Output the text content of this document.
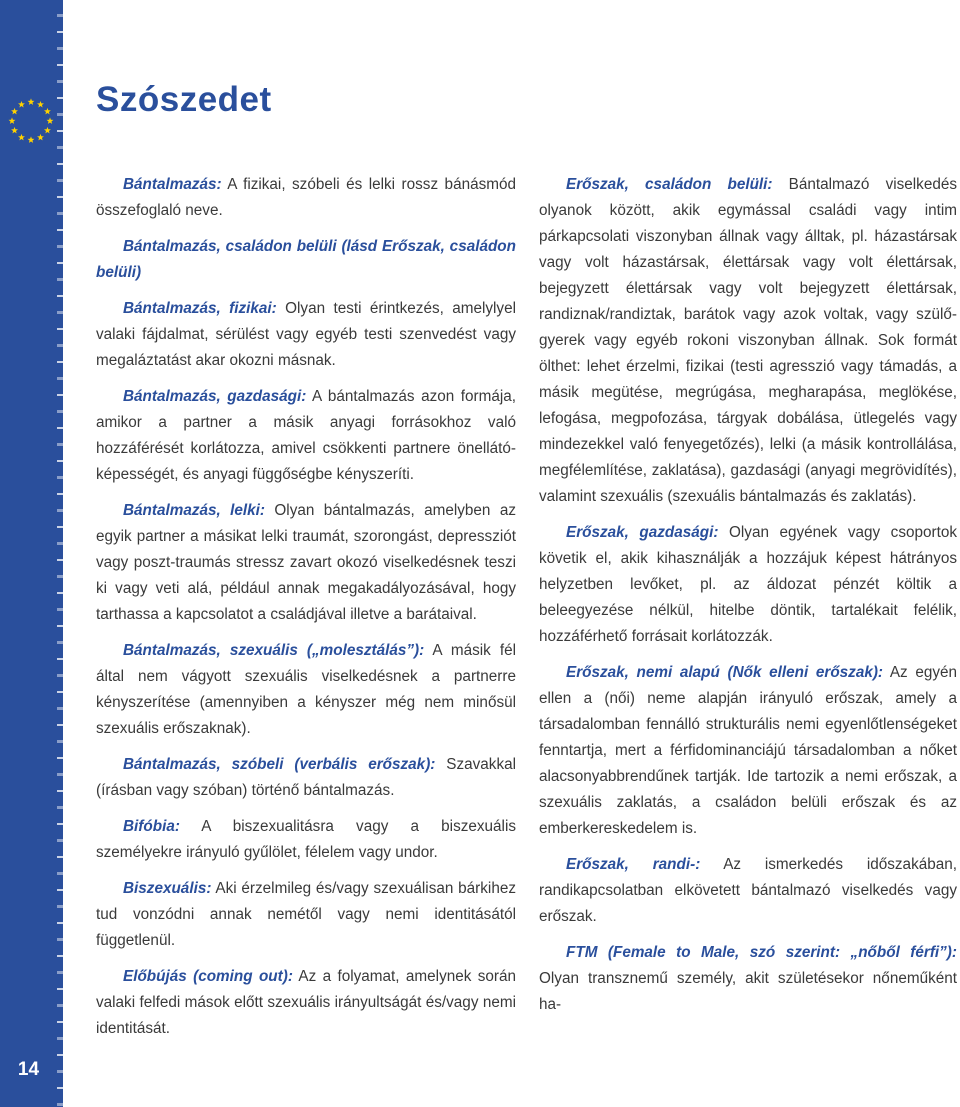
14
Szószedet

Bántalmazás: A fizikai, szóbeli és lelki rossz bánásmód összefoglaló neve.

Bántalmazás, családon belüli (lásd Erőszak, családon belüli)

Bántalmazás, fizikai: Olyan testi érintkezés, amelylyel valaki fájdalmat, sérülést vagy egyéb testi szenvedést vagy megaláztatást akar okozni másnak.

Bántalmazás, gazdasági: A bántalmazás azon formája, amikor a partner a másik anyagi forrásokhoz való hozzáférését korlátozza, amivel csökkenti partnere önellátó-képességét, és anyagi függőségbe kényszeríti.

Bántalmazás, lelki: Olyan bántalmazás, amelyben az egyik partner a másikat lelki traumát, szorongást, depressziót vagy poszt-traumás stressz zavart okozó viselkedésnek teszi ki vagy veti alá, például annak megakadályozásával, hogy tarthassa a kapcsolatot a családjával illetve a barátaival.

Bántalmazás, szexuális („molesztálás”): A másik fél által nem vágyott szexuális viselkedésnek a partnerre kényszerítése (amennyiben a kényszer még nem minősül szexuális erőszaknak).

Bántalmazás, szóbeli (verbális erőszak): Szavakkal (írásban vagy szóban) történő bántalmazás.

Bifóbia: A biszexualitásra vagy a biszexuális személyekre irányuló gyűlölet, félelem vagy undor.

Biszexuális: Aki érzelmileg és/vagy szexuálisan bárkihez tud vonzódni annak nemétől vagy nemi identitásától függetlenül.

Előbújás (coming out): Az a folyamat, amelynek során valaki felfedi mások előtt szexuális irányultságát és/vagy nemi identitását.

Erőszak, családon belüli: Bántalmazó viselkedés olyanok között, akik egymással családi vagy intim párkapcsolati viszonyban állnak vagy álltak, pl. házastársak vagy volt házastársak, élettársak vagy volt élettársak, bejegyzett élettársak vagy volt bejegyzett élettársak, randiznak/randiztak, barátok vagy azok voltak, vagy szülő-gyerek vagy egyéb rokoni viszonyban állnak. Sok formát ölthet: lehet érzelmi, fizikai (testi agresszió vagy támadás, a másik megütése, megrúgása, megharapása, meglökése, lefogása, megpofozása, tárgyak dobálása, ütlegelés vagy mindezekkel való fenyegetőzés), lelki (a másik kontrollálása, megfélemlítése, zaklatása), gazdasági (anyagi megrövidítés), valamint szexuális (szexuális bántalmazás és zaklatás).

Erőszak, gazdasági: Olyan egyének vagy csoportok követik el, akik kihasználják a hozzájuk képest hátrányos helyzetben levőket, pl. az áldozat pénzét költik a beleegyezése nélkül, hitelbe döntik, tartalékait felélik, hozzáférhető forrásait korlátozzák.

Erőszak, nemi alapú (Nők elleni erőszak): Az egyén ellen a (női) neme alapján irányuló erőszak, amely a társadalomban fennálló strukturális nemi egyenlőtlenségeket fenntartja, mert a férfidominanciájú társadalomban a nőket alacsonyabbrendűnek tartják. Ide tartozik a nemi erőszak, a szexuális zaklatás, a családon belüli erőszak és az emberkereskedelem is.

Erőszak, randi-: Az ismerkedés időszakában, randikapcsolatban elkövetett bántalmazó viselkedés vagy erőszak.

FTM (Female to Male, szó szerint: „nőből férfi”): Olyan transznemű személy, akit születésekor nőneműként ha-
